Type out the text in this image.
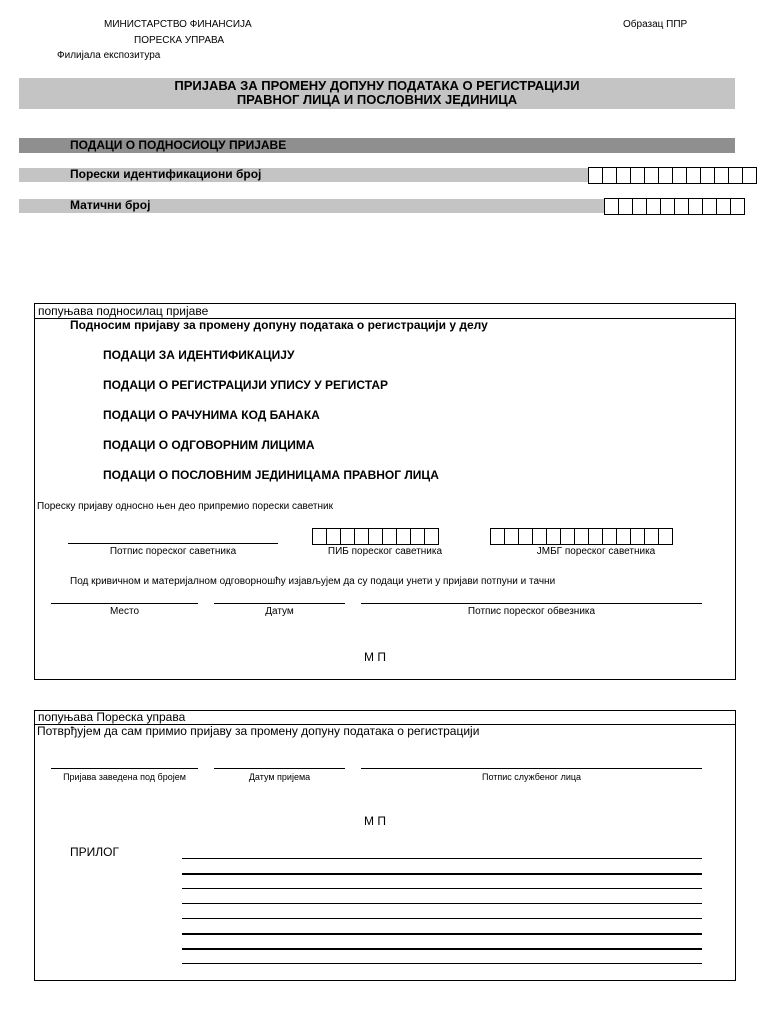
МИНИСТАРСТВО ФИНАНСИЈА
ПОРЕСКА УПРАВА
Филијала експозитура
Образац ППР
ПРИЈАВА ЗА ПРОМЕНУ ДОПУНУ ПОДАТАКА О РЕГИСТРАЦИЈИ
ПРАВНОГ ЛИЦА И ПОСЛОВНИХ ЈЕДИНИЦА
ПОДАЦИ О ПОДНОСИОЦУ ПРИЈАВЕ
Порески идентификациони број
Матични број
попуњава подносилац пријаве
Подносим пријаву за промену допуну података о регистрацији у делу
ПОДАЦИ ЗА ИДЕНТИФИКАЦИЈУ
ПОДАЦИ О РЕГИСТРАЦИЈИ УПИСУ У РЕГИСТАР
ПОДАЦИ О РАЧУНИМА КОД БАНАКА
ПОДАЦИ О ОДГОВОРНИМ ЛИЦИМА
ПОДАЦИ О ПОСЛОВНИМ ЈЕДИНИЦАМА ПРАВНОГ ЛИЦА
Пореску пријаву односно њен део припремио порески саветник
Потпис пореског саветника	ПИБ пореског саветника	ЈМБГ пореског саветника
Под кривичном и материјалном одговорношћу изјављујем да су подаци унети у пријави потпуни и тачни
Место	Датум	Потпис пореског обвезника
М П
попуњава Пореска управа
Потврђујем да сам примио пријаву за промену допуну података о регистрацији
Пријава заведена под бројем	Датум пријема	Потпис службеног лица
М П
ПРИЛОГ
